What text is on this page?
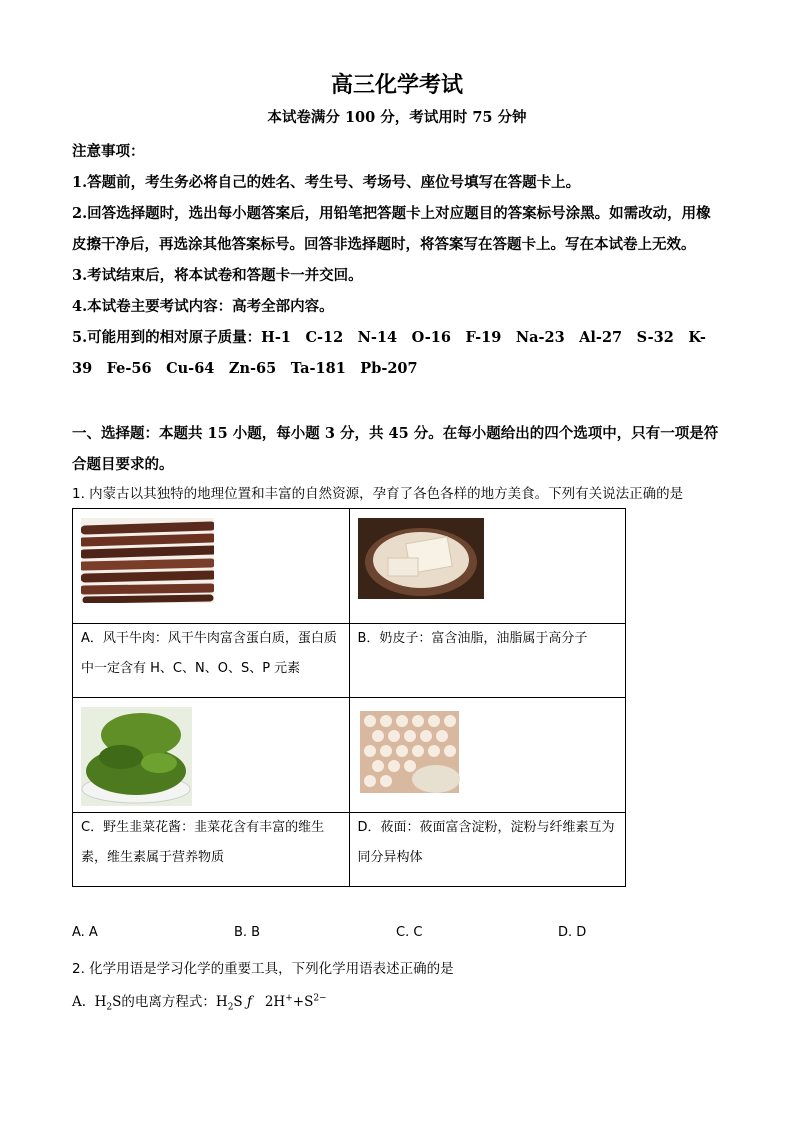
高三化学考试
本试卷满分 100 分，考试用时 75 分钟

注意事项：

1.答题前，考生务必将自己的姓名、考生号、考场号、座位号填写在答题卡上。

2.回答选择题时，选出每小题答案后，用铅笔把答题卡上对应题目的答案标号涂黑。如需改动，用橡皮擦干净后，再选涂其他答案标号。回答非选择题时，将答案写在答题卡上。写在本试卷上无效。

3.考试结束后，将本试卷和答题卡一并交回。

4.本试卷主要考试内容：高考全部内容。

5.可能用到的相对原子质量：H-1　C-12　N-14　O-16　F-19　Na-23　Al-27　S-32　K-39　Fe-56　Cu-64　Zn-65　Ta-181　Pb-207

一、选择题：本题共 15 小题，每小题 3 分，共 45 分。在每小题给出的四个选项中，只有一项是符合题目要求的。

1. 内蒙古以其独特的地理位置和丰富的自然资源，孕育了各色各样的地方美食。下列有关说法正确的是

A．风干牛肉：风干牛肉富含蛋白质，蛋白质中一定含有 H、C、N、O、S、P 元素	B．奶皮子：富含油脂，油脂属于高分子

C．野生韭菜花酱：韭菜花含有丰富的维生素，维生素属于营养物质	D．莜面：莜面富含淀粉，淀粉与纤维素互为同分异构体
A. A	B. B	C. C	D. D
2. 化学用语是学习化学的重要工具，下列化学用语表述正确的是
A. $H_2S$的电离方程式：$H_2S$ ƒ $2H^++S^{2-}$
